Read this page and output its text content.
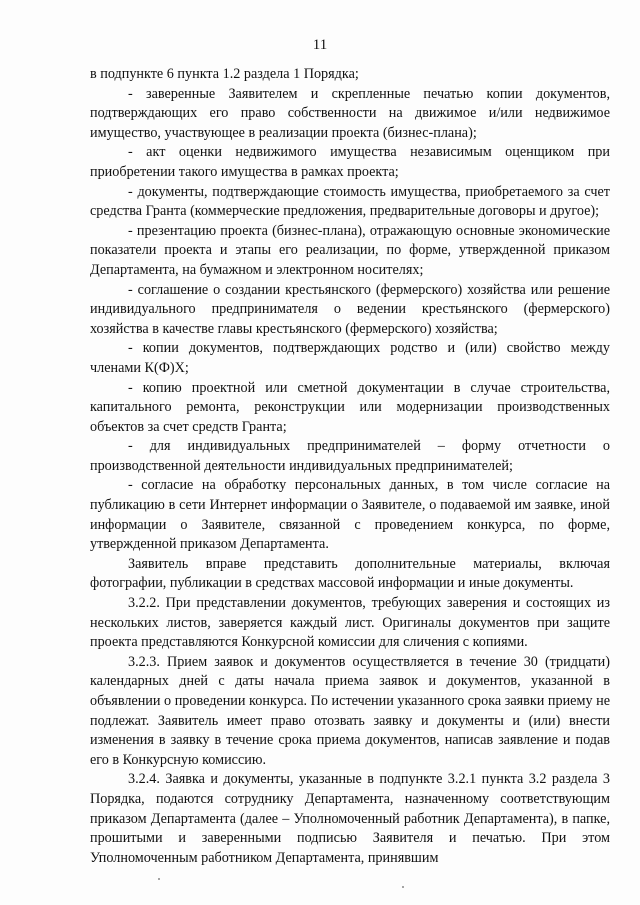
11

в подпункте 6 пункта 1.2 раздела 1 Порядка;

- заверенные Заявителем и скрепленные печатью копии документов, подтверждающих его право собственности на движимое и/или недвижимое имущество, участвующее в реализации проекта (бизнес-плана);

- акт оценки недвижимого имущества независимым оценщиком при приобретении такого имущества в рамках проекта;

- документы, подтверждающие стоимость имущества, приобретаемого за счет средства Гранта (коммерческие предложения, предварительные договоры и другое);

- презентацию проекта (бизнес-плана), отражающую основные экономические показатели проекта и этапы его реализации, по форме, утвержденной приказом Департамента, на бумажном и электронном носителях;

- соглашение о создании крестьянского (фермерского) хозяйства или решение индивидуального предпринимателя о ведении крестьянского (фермерского) хозяйства в качестве главы крестьянского (фермерского) хозяйства;

- копии документов, подтверждающих родство и (или) свойство между членами К(Ф)Х;

- копию проектной или сметной документации в случае строительства, капитального ремонта, реконструкции или модернизации производственных объектов за счет средств Гранта;

- для индивидуальных предпринимателей – форму отчетности о производственной деятельности индивидуальных предпринимателей;

- согласие на обработку персональных данных, в том числе согласие на публикацию в сети Интернет информации о Заявителе, о подаваемой им заявке, иной информации о Заявителе, связанной с проведением конкурса, по форме, утвержденной приказом Департамента.

Заявитель вправе представить дополнительные материалы, включая фотографии, публикации в средствах массовой информации и иные документы.

3.2.2. При представлении документов, требующих заверения и состоящих из нескольких листов, заверяется каждый лист. Оригиналы документов при защите проекта представляются Конкурсной комиссии для сличения с копиями.

3.2.3. Прием заявок и документов осуществляется в течение 30 (тридцати) календарных дней с даты начала приема заявок и документов, указанной в объявлении о проведении конкурса. По истечении указанного срока заявки приему не подлежат. Заявитель имеет право отозвать заявку и документы и (или) внести изменения в заявку в течение срока приема документов, написав заявление и подав его в Конкурсную комиссию.

3.2.4. Заявка и документы, указанные в подпункте 3.2.1 пункта 3.2 раздела 3 Порядка, подаются сотруднику Департамента, назначенному соответствующим приказом Департамента (далее – Уполномоченный работник Департамента), в папке, прошитыми и заверенными подписью Заявителя и печатью. При этом Уполномоченным работником Департамента, принявшим
